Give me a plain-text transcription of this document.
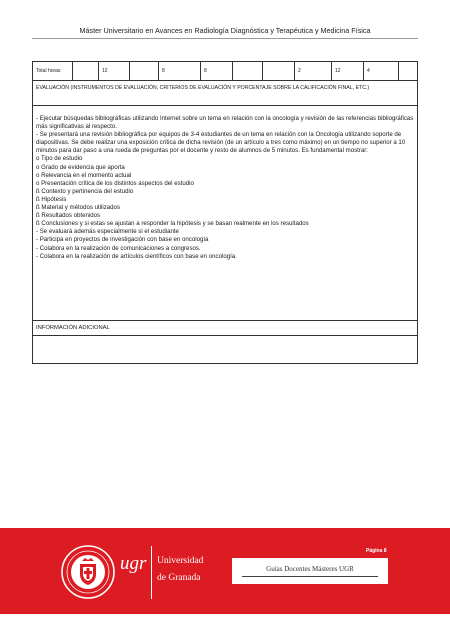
Máster Universitario en Avances en Radiología Diagnóstica y Terapéutica y Medicina Física
Total horas	12	8	8	2	12	4
EVALUACIÓN (INSTRUMENTOS DE EVALUACIÓN, CRITERIOS DE EVALUACIÓN Y PORCENTAJE SOBRE LA CALIFICACIÓN FINAL, ETC.)

- Ejecutar búsquedas bibliográficas utilizando Internet sobre un tema en relación con la oncología y revisión de las referencias bibliográficas más significativas al respecto.

- Se presentará una revisión bibliográfica por equipos de 3-4 estudiantes de un tema en relación con la Oncología utilizando soporte de diapositivas. Se debe realizar una exposición crítica de dicha revisión (de un artículo a tres como máximo) en un tiempo no superior a 10 minutos para dar paso a una rueda de preguntas por el docente y resto de alumnos de 5 minutos. Es fundamental mostrar:

o Tipo de estudio

o Grado de evidencia que aporta

o Relevancia en el momento actual

o Presentación crítica de los distintos aspectos del estudio

ß Contexto y pertinencia del estudio

ß Hipótesis

ß Material y métodos utilizados

ß Resultados obtenidos

ß Conclusiones y si estas se ajustan a responder la hipótesis y se basan realmente en los resultados

- Se evaluará además especialmente si el estudiante

- Participa en proyectos de investigación con base en oncología

- Colabora en la realización de comunicaciones a congresos.

- Colabora en la realización de artículos científicos con base en oncología.

INFORMACIÓN ADICIONAL
Página 8
ugr Universidad
de Granada
Guías Docentes Másteres UGR
